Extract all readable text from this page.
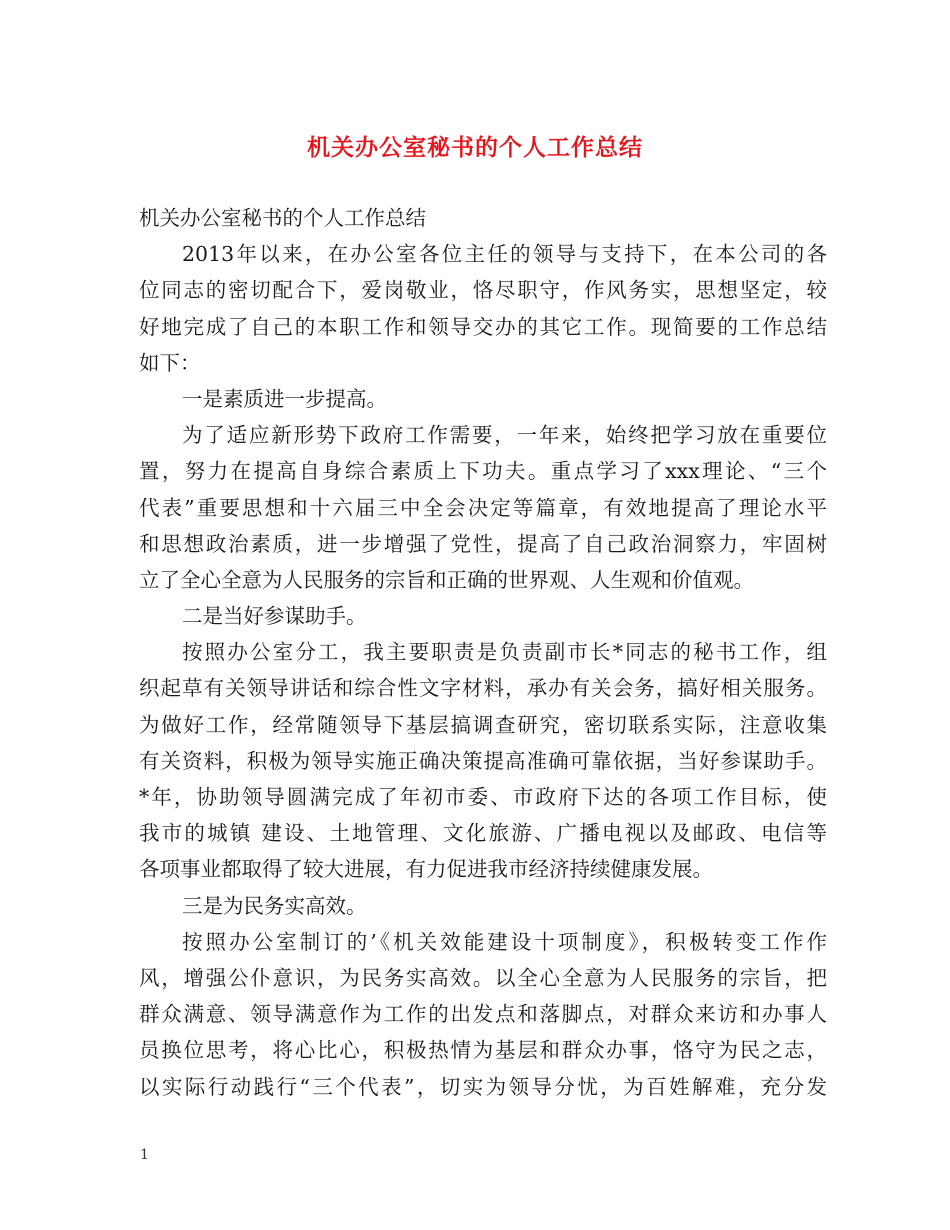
机关办公室秘书的个人工作总结
机关办公室秘书的个人工作总结
2013年以来，在办公室各位主任的领导与支持下，在本公司的各
位同志的密切配合下，爱岗敬业，恪尽职守，作风务实，思想坚定，较
好地完成了自己的本职工作和领导交办的其它工作。现简要的工作总结
如下：
一是素质进一步提高。
为了适应新形势下政府工作需要，一年来，始终把学习放在重要位
置，努力在提高自身综合素质上下功夫。重点学习了xxx理论、“三个
代表”重要思想和十六届三中全会决定等篇章，有效地提高了理论水平
和思想政治素质，进一步增强了党性，提高了自己政治洞察力，牢固树
立了全心全意为人民服务的宗旨和正确的世界观、人生观和价值观。
二是当好参谋助手。
按照办公室分工，我主要职责是负责副市长*同志的秘书工作，组
织起草有关领导讲话和综合性文字材料，承办有关会务，搞好相关服务。
为做好工作，经常随领导下基层搞调查研究，密切联系实际，注意收集
有关资料，积极为领导实施正确决策提高准确可靠依据，当好参谋助手。
*年，协助领导圆满完成了年初市委、市政府下达的各项工作目标，使
我市的城镇 建设、土地管理、文化旅游、广播电视以及邮政、电信等
各项事业都取得了较大进展，有力促进我市经济持续健康发展。
三是为民务实高效。
按照办公室制订的’《机关效能建设十项制度》，积极转变工作作
风，增强公仆意识，为民务实高效。以全心全意为人民服务的宗旨，把
群众满意、领导满意作为工作的出发点和落脚点，对群众来访和办事人
员换位思考，将心比心，积极热情为基层和群众办事，恪守为民之志，
以实际行动践行“三个代表”，切实为领导分忧，为百姓解难，充分发
1
